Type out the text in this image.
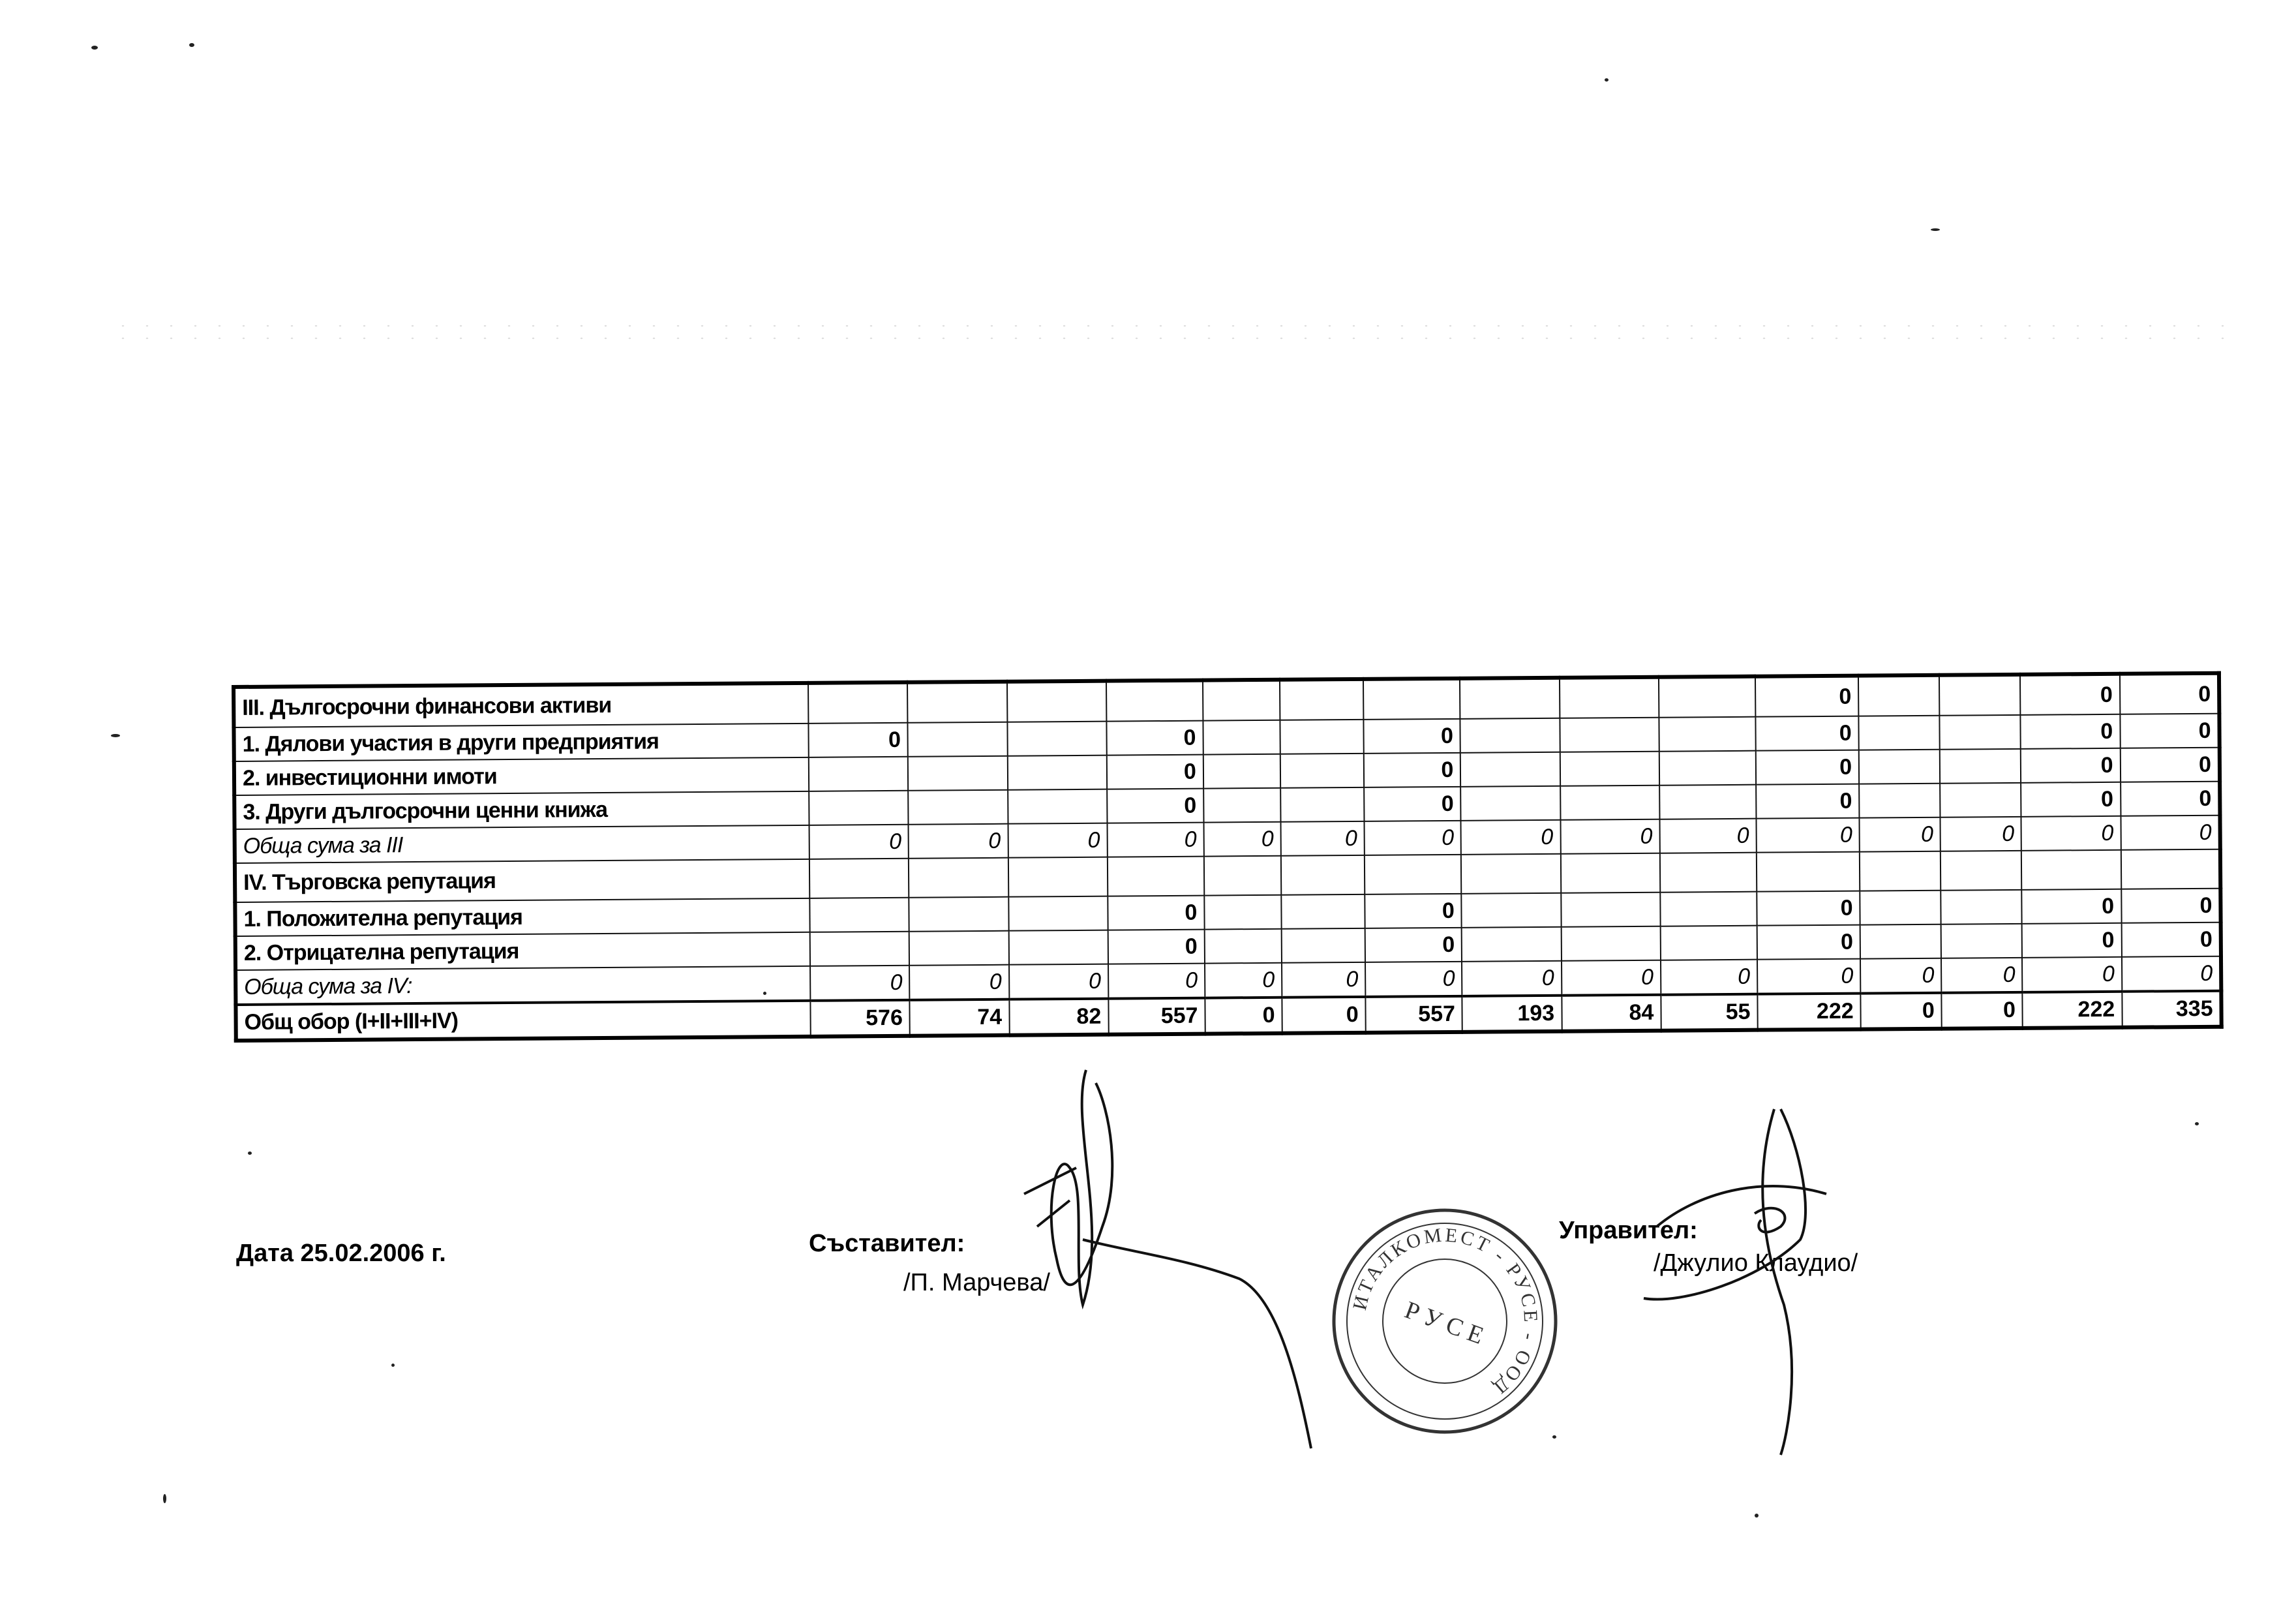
III. Дългосрочни финансови активи											0			0	0
1. Дялови участия в други предприятия	0			0			0				0			0	0
2. инвестиционни имоти				0			0				0			0	0
3. Други дългосрочни ценни книжа				0			0				0			0	0
Обща сума за III	0	0	0	0	0	0	0	0	0	0	0	0	0	0	0
IV. Търговска репутация															
1. Положителна репутация				0			0				0			0	0
2. Отрицателна репутация				0			0				0			0	0
Обща сума за IV:	0	0	0	0	0	0	0	0	0	0	0	0	0	0	0
Общ обор (I+II+III+IV)	576	74	82	557	0	0	557	193	84	55	222	0	0	222	335
Дата 25.02.2006 г.	Съставител:
/П. Марчева/
Управител:
/Джулио Клаудио/
ИТАЛКОМЕСТ - РУСЕ - ООД
Р У С Е
